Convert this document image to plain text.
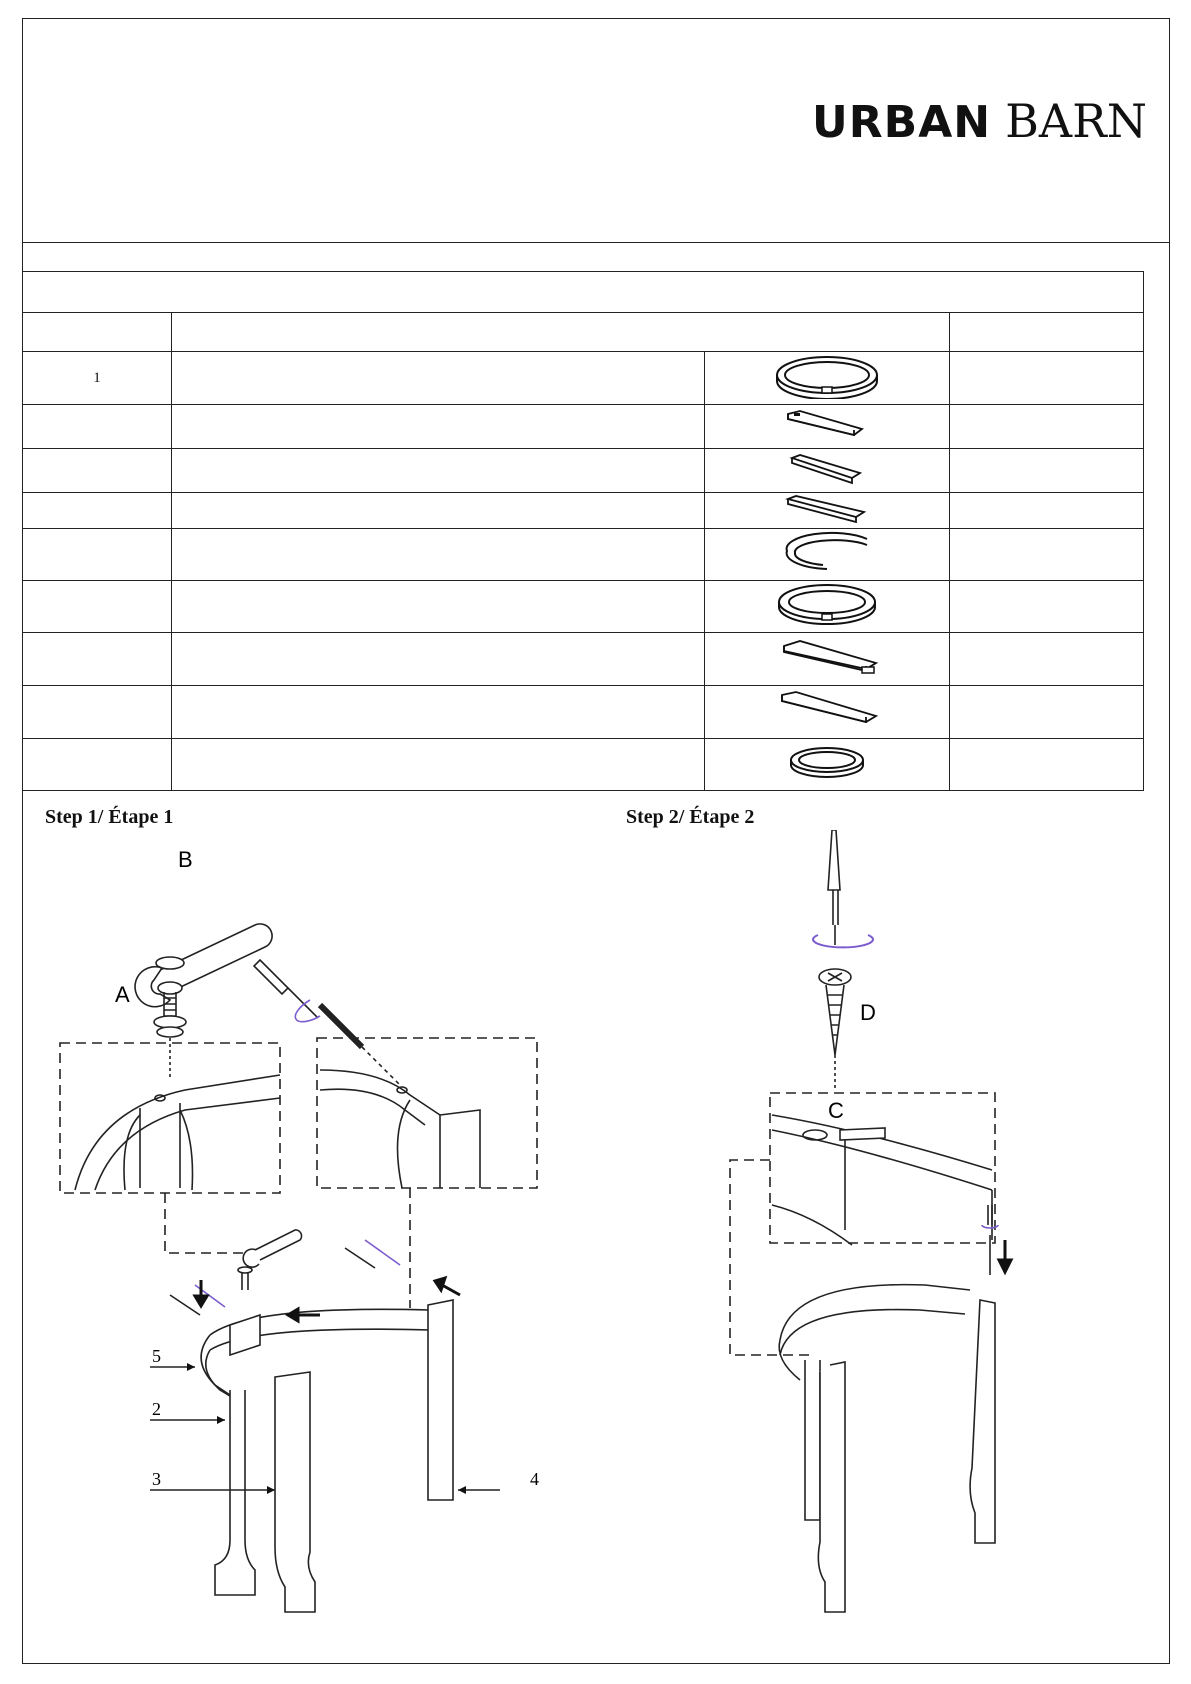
URBAN BARN

1			

Step 1/ Étape 1	Step 2/ Étape 2
B
A
5
2
3	4
C
D
